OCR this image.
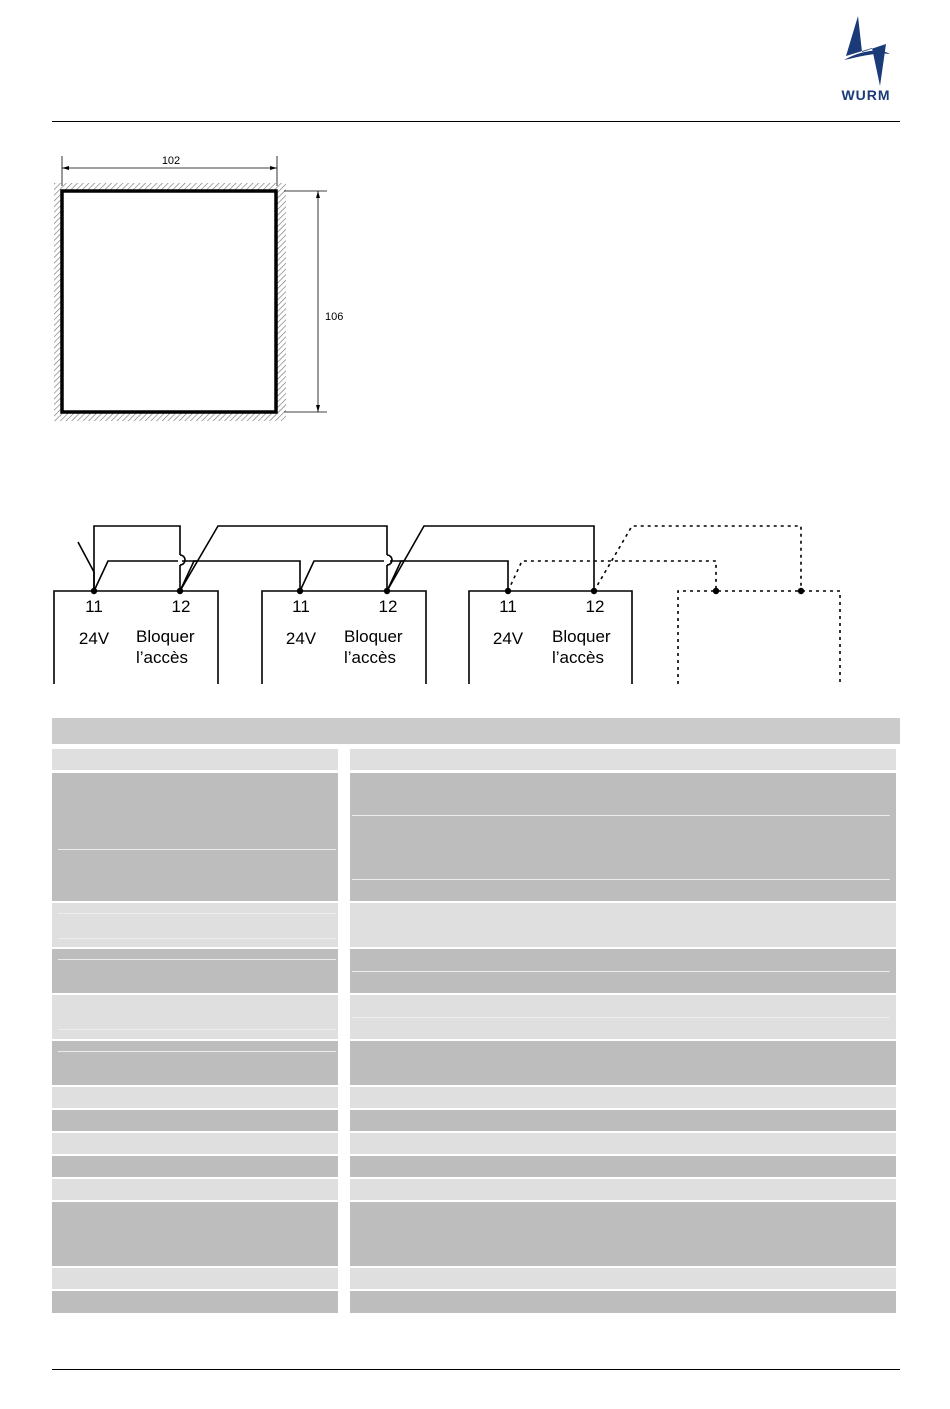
WURM
102
106
11	12
24V Bloquer
l’accès
11	12
24V Bloquer
l’accès
11	12
24V Bloquer
l’accès
